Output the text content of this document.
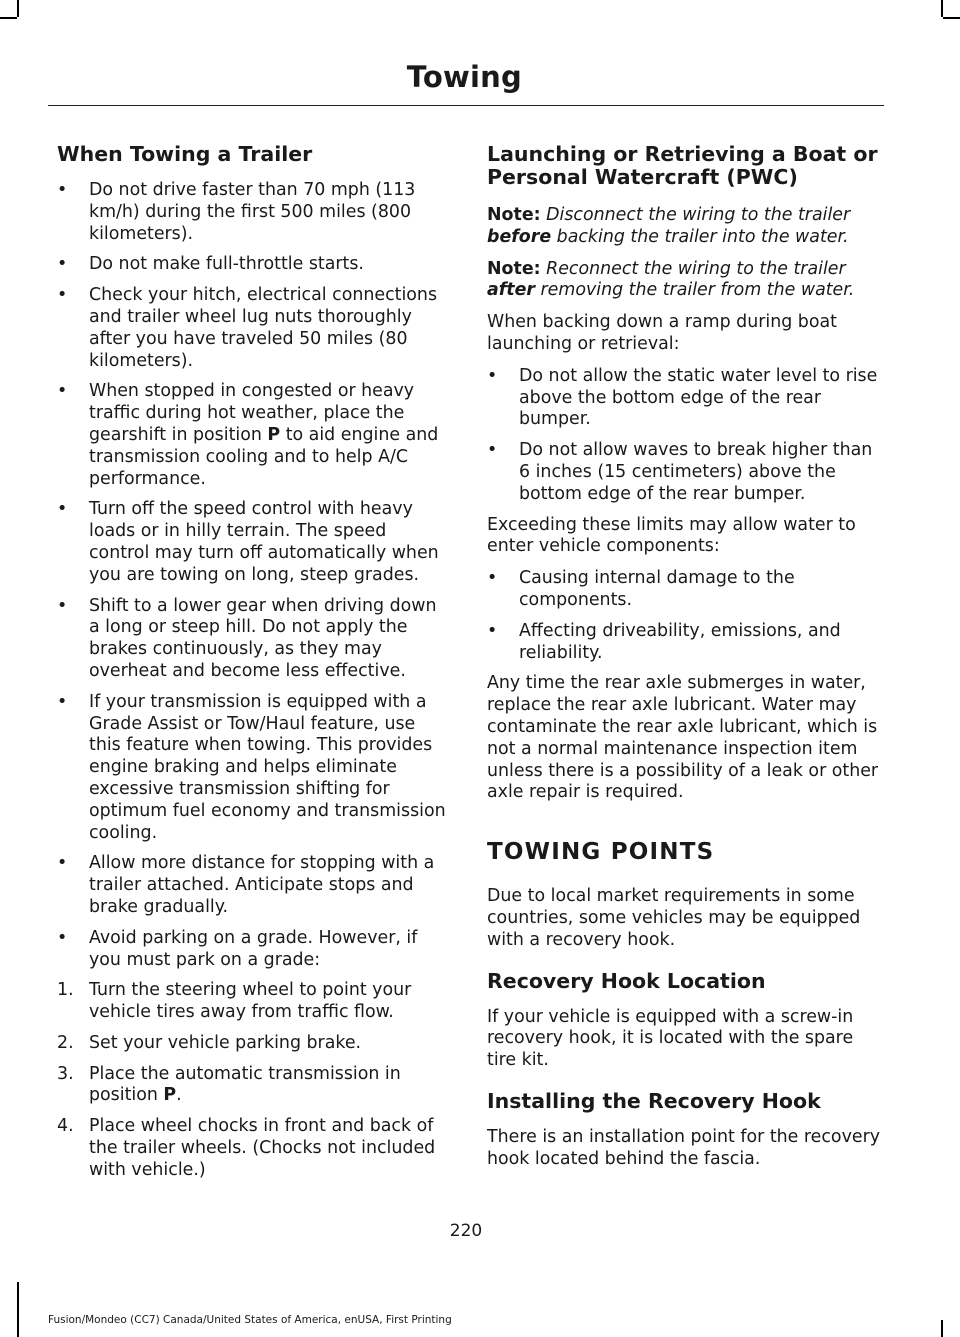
Towing
When Towing a Trailer
• Do not drive faster than 70 mph (113 km/h) during the first 500 miles (800 kilometers).
• Do not make full-throttle starts.
• Check your hitch, electrical connections and trailer wheel lug nuts thoroughly after you have traveled 50 miles (80 kilometers).
• When stopped in congested or heavy traffic during hot weather, place the gearshift in position P to aid engine and transmission cooling and to help A/C performance.
• Turn off the speed control with heavy loads or in hilly terrain. The speed control may turn off automatically when you are towing on long, steep grades.
• Shift to a lower gear when driving down a long or steep hill. Do not apply the brakes continuously, as they may overheat and become less effective.
• If your transmission is equipped with a Grade Assist or Tow/Haul feature, use this feature when towing. This provides engine braking and helps eliminate excessive transmission shifting for optimum fuel economy and transmission cooling.
• Allow more distance for stopping with a trailer attached. Anticipate stops and brake gradually.
• Avoid parking on a grade. However, if you must park on a grade:
1. Turn the steering wheel to point your vehicle tires away from traffic flow.
2. Set your vehicle parking brake.
3. Place the automatic transmission in position P.
4. Place wheel chocks in front and back of the trailer wheels. (Chocks not included with vehicle.)
Launching or Retrieving a Boat or Personal Watercraft (PWC)

Note: Disconnect the wiring to the trailer before backing the trailer into the water.

Note: Reconnect the wiring to the trailer after removing the trailer from the water.

When backing down a ramp during boat launching or retrieval:

• Do not allow the static water level to rise above the bottom edge of the rear bumper.
• Do not allow waves to break higher than 6 inches (15 centimeters) above the bottom edge of the rear bumper.

Exceeding these limits may allow water to enter vehicle components:

• Causing internal damage to the components.
• Affecting driveability, emissions, and reliability.

Any time the rear axle submerges in water, replace the rear axle lubricant. Water may contaminate the rear axle lubricant, which is not a normal maintenance inspection item unless there is a possibility of a leak or other axle repair is required.

TOWING POINTS

Due to local market requirements in some countries, some vehicles may be equipped with a recovery hook.

Recovery Hook Location

If your vehicle is equipped with a screw-in recovery hook, it is located with the spare tire kit.

Installing the Recovery Hook

There is an installation point for the recovery hook located behind the fascia.

220
Fusion/Mondeo (CC7) Canada/United States of America, enUSA, First Printing
